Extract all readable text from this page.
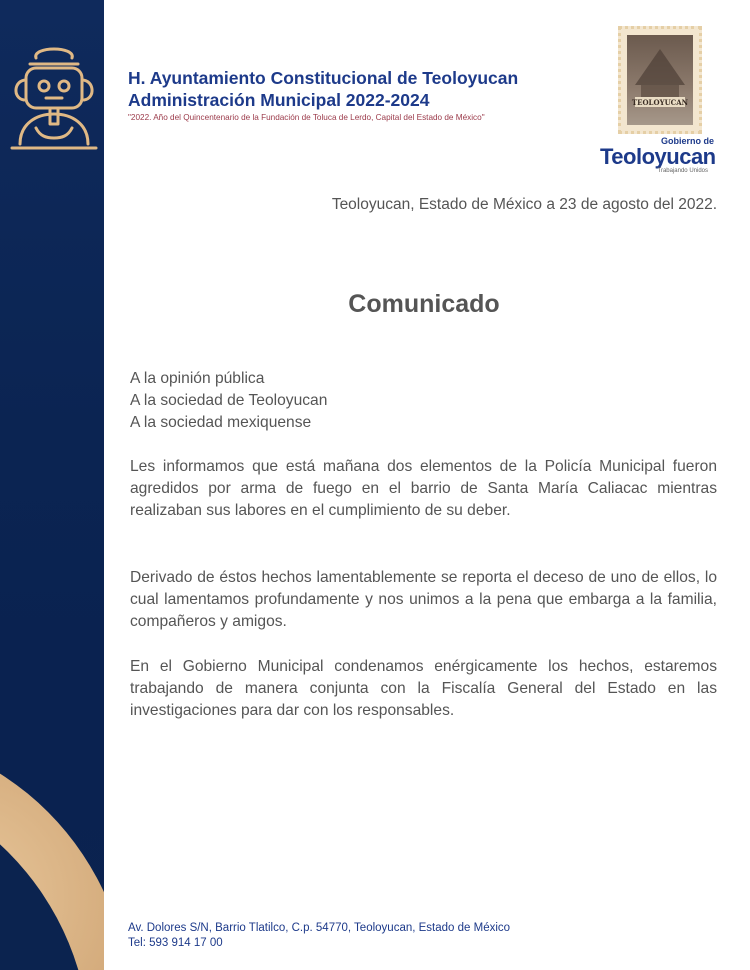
H. Ayuntamiento Constitucional de Teoloyucan
Administración Municipal 2022-2024
"2022. Año del Quincentenario de la Fundación de Toluca de Lerdo, Capital del Estado de México"
TEOLOYUCAN
Gobierno de
Teoloyucan
Trabajando Unidos
Teoloyucan, Estado de México a 23 de agosto del 2022.
Comunicado
A la opinión pública
A la sociedad de Teoloyucan
A la sociedad mexiquense
Les informamos que está mañana dos elementos de la Policía Municipal fueron agredidos por arma de fuego en el barrio de Santa María Caliacac mientras realizaban sus labores en el cumplimiento de su deber.
Derivado de éstos hechos lamentablemente se reporta el deceso de uno de ellos, lo cual lamentamos profundamente y nos unimos a la pena que embarga a la familia, compañeros y amigos.
En el Gobierno Municipal condenamos enérgicamente los hechos, estaremos trabajando de manera conjunta con la Fiscalía General del Estado en las investigaciones para dar con los responsables.
Av. Dolores S/N, Barrio Tlatilco, C.p. 54770, Teoloyucan, Estado de México
Tel: 593 914 17 00
